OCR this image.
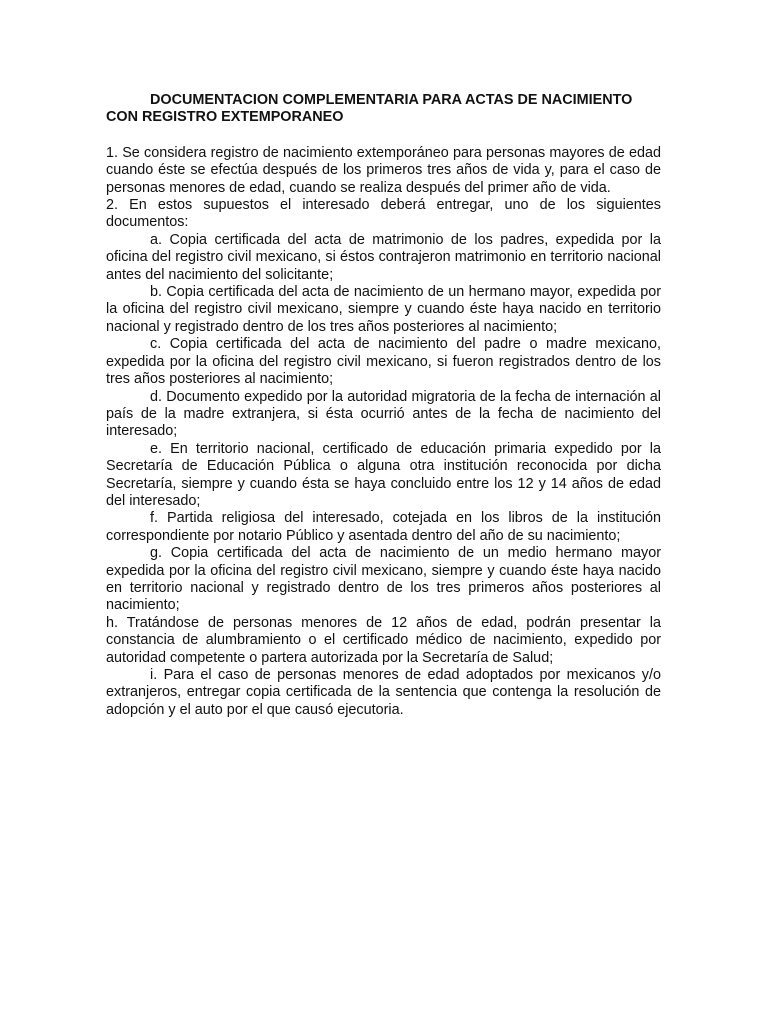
DOCUMENTACION COMPLEMENTARIA PARA ACTAS DE NACIMIENTO CON REGISTRO EXTEMPORANEO

1. Se considera registro de nacimiento extemporáneo para personas mayores de edad cuando éste se efectúa después de los primeros tres años de vida y, para el caso de personas menores de edad, cuando se realiza después del primer año de vida.

2. En estos supuestos el interesado deberá entregar, uno de los siguientes documentos:

a. Copia certificada del acta de matrimonio de los padres, expedida por la oficina del registro civil mexicano, si éstos contrajeron matrimonio en territorio nacional antes del nacimiento del solicitante;

b. Copia certificada del acta de nacimiento de un hermano mayor, expedida por la oficina del registro civil mexicano, siempre y cuando éste haya nacido en territorio nacional y registrado dentro de los tres años posteriores al nacimiento;

c. Copia certificada del acta de nacimiento del padre o madre mexicano, expedida por la oficina del registro civil mexicano, si fueron registrados dentro de los tres años posteriores al nacimiento;

d. Documento expedido por la autoridad migratoria de la fecha de internación al país de la madre extranjera, si ésta ocurrió antes de la fecha de nacimiento del interesado;

e. En territorio nacional, certificado de educación primaria expedido por la Secretaría de Educación Pública o alguna otra institución reconocida por dicha Secretaría, siempre y cuando ésta se haya concluido entre los 12 y 14 años de edad del interesado;

f. Partida religiosa del interesado, cotejada en los libros de la institución correspondiente por notario Público y asentada dentro del año de su nacimiento;

g. Copia certificada del acta de nacimiento de un medio hermano mayor expedida por la oficina del registro civil mexicano, siempre y cuando éste haya nacido en territorio nacional y registrado dentro de los tres primeros años posteriores al nacimiento;

h. Tratándose de personas menores de 12 años de edad, podrán presentar la constancia de alumbramiento o el certificado médico de nacimiento, expedido por autoridad competente o partera autorizada por la Secretaría de Salud;

i. Para el caso de personas menores de edad adoptados por mexicanos y/o extranjeros, entregar copia certificada de la sentencia que contenga la resolución de adopción y el auto por el que causó ejecutoria.
